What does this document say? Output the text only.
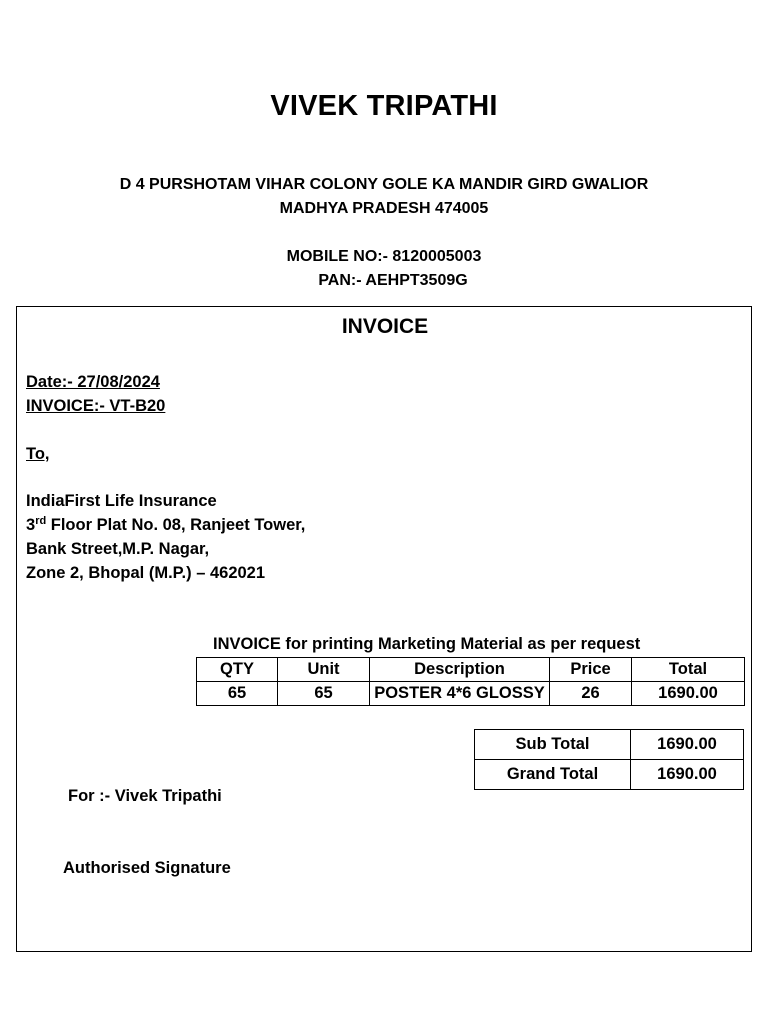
VIVEK TRIPATHI
D 4 PURSHOTAM VIHAR COLONY GOLE KA MANDIR GIRD GWALIOR
MADHYA PRADESH 474005
MOBILE NO:- 8120005003
PAN:- AEHPT3509G
INVOICE
Date:- 27/08/2024
INVOICE:- VT-B20
To,
IndiaFirst Life Insurance
3rd Floor Plat No. 08, Ranjeet Tower,
Bank Street,M.P. Nagar,
Zone 2, Bhopal (M.P.) – 462021
INVOICE for printing Marketing Material as per request
QTY	Unit	Description	Price	Total
65	65	POSTER 4*6 GLOSSY	26	1690.00
Sub Total	1690.00
Grand Total	1690.00
For :- Vivek Tripathi
Authorised Signature
